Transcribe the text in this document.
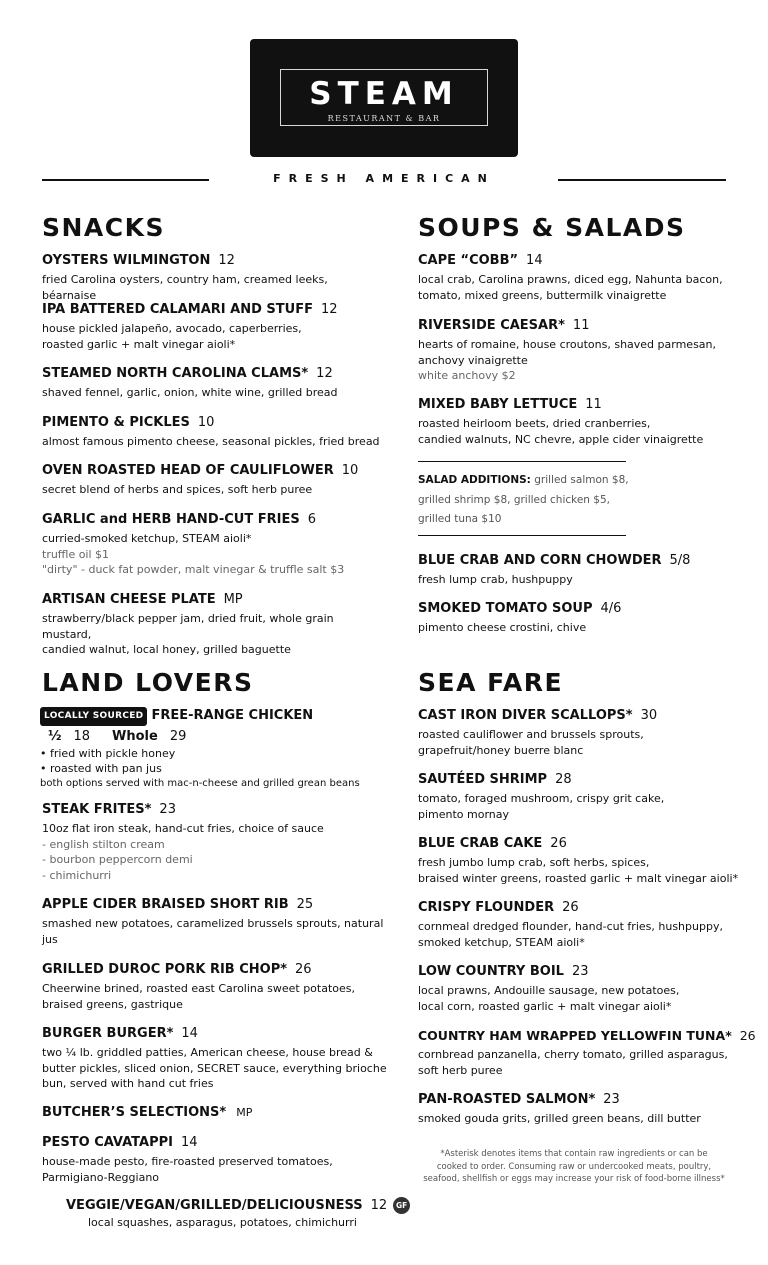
STEAM
RESTAURANT & BAR
FRESH AMERICAN
SNACKS
OYSTERS WILMINGTON 12
fried Carolina oysters, country ham, creamed leeks, béarnaise
IPA BATTERED CALAMARI AND STUFF 12
house pickled jalapeño, avocado, caperberries,
roasted garlic + malt vinegar aioli*
STEAMED NORTH CAROLINA CLAMS* 12
shaved fennel, garlic, onion, white wine, grilled bread
PIMENTO & PICKLES 10
almost famous pimento cheese, seasonal pickles, fried bread
OVEN ROASTED HEAD OF CAULIFLOWER 10
secret blend of herbs and spices, soft herb puree
GARLIC and HERB HAND-CUT FRIES 6
curried-smoked ketchup, STEAM aioli*
truffle oil $1
"dirty" - duck fat powder, malt vinegar & truffle salt $3
ARTISAN CHEESE PLATE MP
strawberry/black pepper jam, dried fruit, whole grain mustard,
candied walnut, local honey, grilled baguette
SOUPS & SALADS
CAPE “COBB” 14
local crab, Carolina prawns, diced egg, Nahunta bacon,
tomato, mixed greens, buttermilk vinaigrette
RIVERSIDE CAESAR* 11
hearts of romaine, house croutons, shaved parmesan,
anchovy vinaigrette
white anchovy $2
MIXED BABY LETTUCE 11
roasted heirloom beets, dried cranberries,
candied walnuts, NC chevre, apple cider vinaigrette
SALAD ADDITIONS: grilled salmon $8,
grilled shrimp $8, grilled chicken $5,
grilled tuna $10
BLUE CRAB AND CORN CHOWDER 5/8
fresh lump crab, hushpuppy
SMOKED TOMATO SOUP 4/6
pimento cheese crostini, chive
LAND LOVERS
LOCALLY SOURCED FREE-RANGE CHICKEN
½ 18 Whole 29
• fried with pickle honey
• roasted with pan jus
both options served with mac-n-cheese and grilled grean beans
STEAK FRITES* 23
10oz flat iron steak, hand-cut fries, choice of sauce
- english stilton cream
- bourbon peppercorn demi
- chimichurri
APPLE CIDER BRAISED SHORT RIB 25
smashed new potatoes, caramelized brussels sprouts, natural
jus
GRILLED DUROC PORK RIB CHOP* 26
Cheerwine brined, roasted east Carolina sweet potatoes,
braised greens, gastrique
BURGER BURGER* 14
two ¼ lb. griddled patties, American cheese, house bread &
butter pickles, sliced onion, SECRET sauce, everything brioche
bun, served with hand cut fries
BUTCHER’S SELECTIONS* MP
PESTO CAVATAPPI 14
house-made pesto, fire-roasted preserved tomatoes,
Parmigiano-Reggiano
VEGGIE/VEGAN/GRILLED/DELICIOUSNESS 12 GF
local squashes, asparagus, potatoes, chimichurri
SEA FARE
CAST IRON DIVER SCALLOPS* 30
roasted cauliflower and brussels sprouts,
grapefruit/honey buerre blanc
SAUTÉED SHRIMP 28
tomato, foraged mushroom, crispy grit cake,
pimento mornay
BLUE CRAB CAKE 26
fresh jumbo lump crab, soft herbs, spices,
braised winter greens, roasted garlic + malt vinegar aioli*
CRISPY FLOUNDER 26
cornmeal dredged flounder, hand-cut fries, hushpuppy,
smoked ketchup, STEAM aioli*
LOW COUNTRY BOIL 23
local prawns, Andouille sausage, new potatoes,
local corn, roasted garlic + malt vinegar aioli*
COUNTRY HAM WRAPPED YELLOWFIN TUNA* 26
cornbread panzanella, cherry tomato, grilled asparagus,
soft herb puree
PAN-ROASTED SALMON* 23
smoked gouda grits, grilled green beans, dill butter
*Asterisk denotes items that contain raw ingredients or can be
cooked to order. Consuming raw or undercooked meats, poultry,
seafood, shellfish or eggs may increase your risk of food-borne illness*
